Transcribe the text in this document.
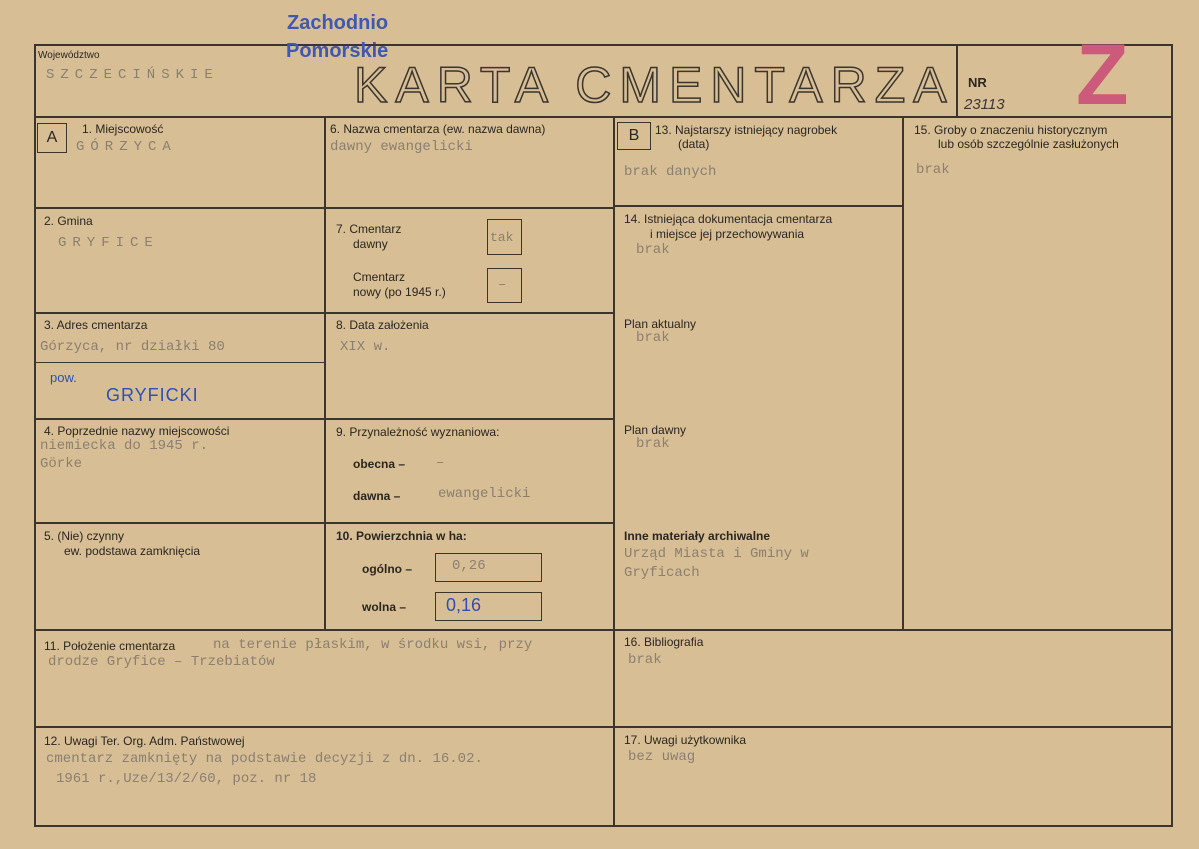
Województwo
SZCZECIŃSKIE
Zachodnio
Pomorskie
KARTA CMENTARZA NR
23113 Z
A	B
1. Miejscowość
GÓRZYCA
2. Gmina
GRYFICE
3. Adres cmentarza
Górzyca, nr działki 80
pow.
GRYFICKI
4. Poprzednie nazwy miejscowości
niemiecka do 1945 r.
Görke
5. (Nie) czynny
ew. podstawa zamknięcia
6. Nazwa cmentarza (ew. nazwa dawna)
dawny ewangelicki
7. Cmentarz
dawny	tak
Cmentarz
nowy (po 1945 r.)	–
8. Data założenia
XIX w.
9. Przynależność wyznaniowa:
obecna – –
dawna –	ewangelicki
10. Powierzchnia w ha:
ogólno –	0,26
wolna – 0,16
11. Położenie cmentarza	na terenie płaskim, w środku wsi, przy
drodze Gryfice – Trzebiatów
12. Uwagi Ter. Org. Adm. Państwowej
cmentarz zamknięty na podstawie decyzji z dn. 16.02.
1961 r.,Uze/13/2/60, poz. nr 18
13. Najstarszy istniejący nagrobek
(data)
brak danych
14. Istniejąca dokumentacja cmentarza
i miejsce jej przechowywania
brak
Plan aktualny
brak
Plan dawny
brak
Inne materiały archiwalne
Urząd Miasta i Gminy w
Gryficach
15. Groby o znaczeniu historycznym
lub osób szczególnie zasłużonych
brak
16. Bibliografia
brak
17. Uwagi użytkownika
bez uwag
